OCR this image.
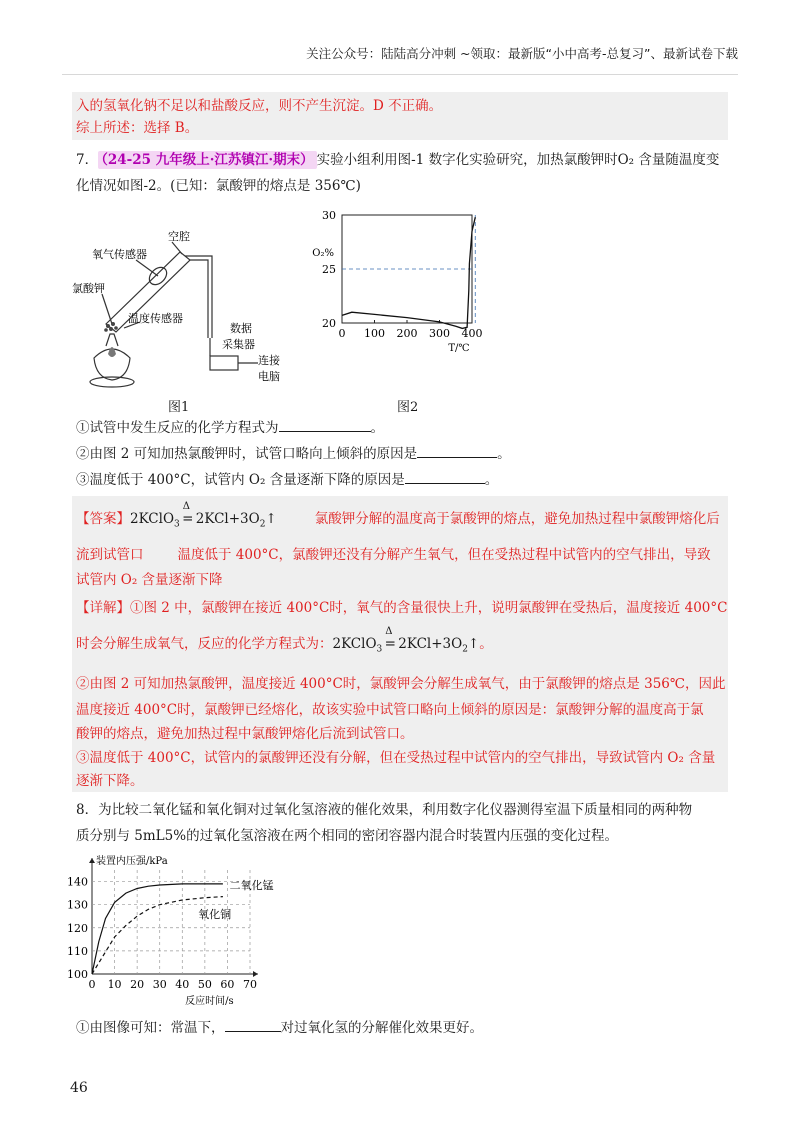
关注公众号：陆陆高分冲刺 ~领取：最新版“小中高考-总复习”、最新试卷下载
入的氢氧化钠不足以和盐酸反应，则不产生沉淀。D 不正确。
综上所述：选择 B。
7． （24-25 九年级上·江苏镇江·期末） 实验小组利用图-1 数字化实验研究，加热氯酸钾时O₂ 含量随温度变
化情况如图-2。(已知：氯酸钾的熔点是 356℃)
空腔
氧气传感器
氯酸钾
温度传感器
数据
采集器
连接
电脑
图1
20
25
30
0 100 200 300 400
O₂%
T/℃
图2
①试管中发生反应的化学方程式为	。
②由图 2 可知加热氯酸钾时，试管口略向上倾斜的原因是	。
③温度低于 400°C，试管内 O₂ 含量逐渐下降的原因是	。
【答案】2KClO$_3$
Δ
= $2KCl+3O_2↑$	氯酸钾分解的温度高于氯酸钾的熔点，避免加热过程中氯酸钾熔化后
流到试管口	温度低于 400°C，氯酸钾还没有分解产生氧气，但在受热过程中试管内的空气排出，导致
试管内 O₂ 含量逐渐下降
【详解】①图 2 中，氯酸钾在接近 400°C时，氧气的含量很快上升，说明氯酸钾在受热后，温度接近 400°C
时会分解生成氧气，反应的化学方程式为：2KClO$_3$
Δ
= $2KCl+3O_2↑$。
②由图 2 可知加热氯酸钾，温度接近 400°C时，氯酸钾会分解生成氧气，由于氯酸钾的熔点是 356℃，因此
温度接近 400°C时，氯酸钾已经熔化，故该实验中试管口略向上倾斜的原因是：氯酸钾分解的温度高于氯
酸钾的熔点，避免加热过程中氯酸钾熔化后流到试管口。
③温度低于 400°C，试管内的氯酸钾还没有分解，但在受热过程中试管内的空气排出，导致试管内 O₂ 含量
逐渐下降。
8．为比较二氧化锰和氧化铜对过氧化氢溶液的催化效果，利用数字化仪器测得室温下质量相同的两种物
质分别与 5mL5%的过氧化氢溶液在两个相同的密闭容器内混合时装置内压强的变化过程。
100
110
120
130
140
0 10 20 30 40 50 60 70
装置内压强/kPa
反应时间/s
二氧化锰
氧化铜
①由图像可知：常温下，	对过氧化氢的分解催化效果更好。
46
